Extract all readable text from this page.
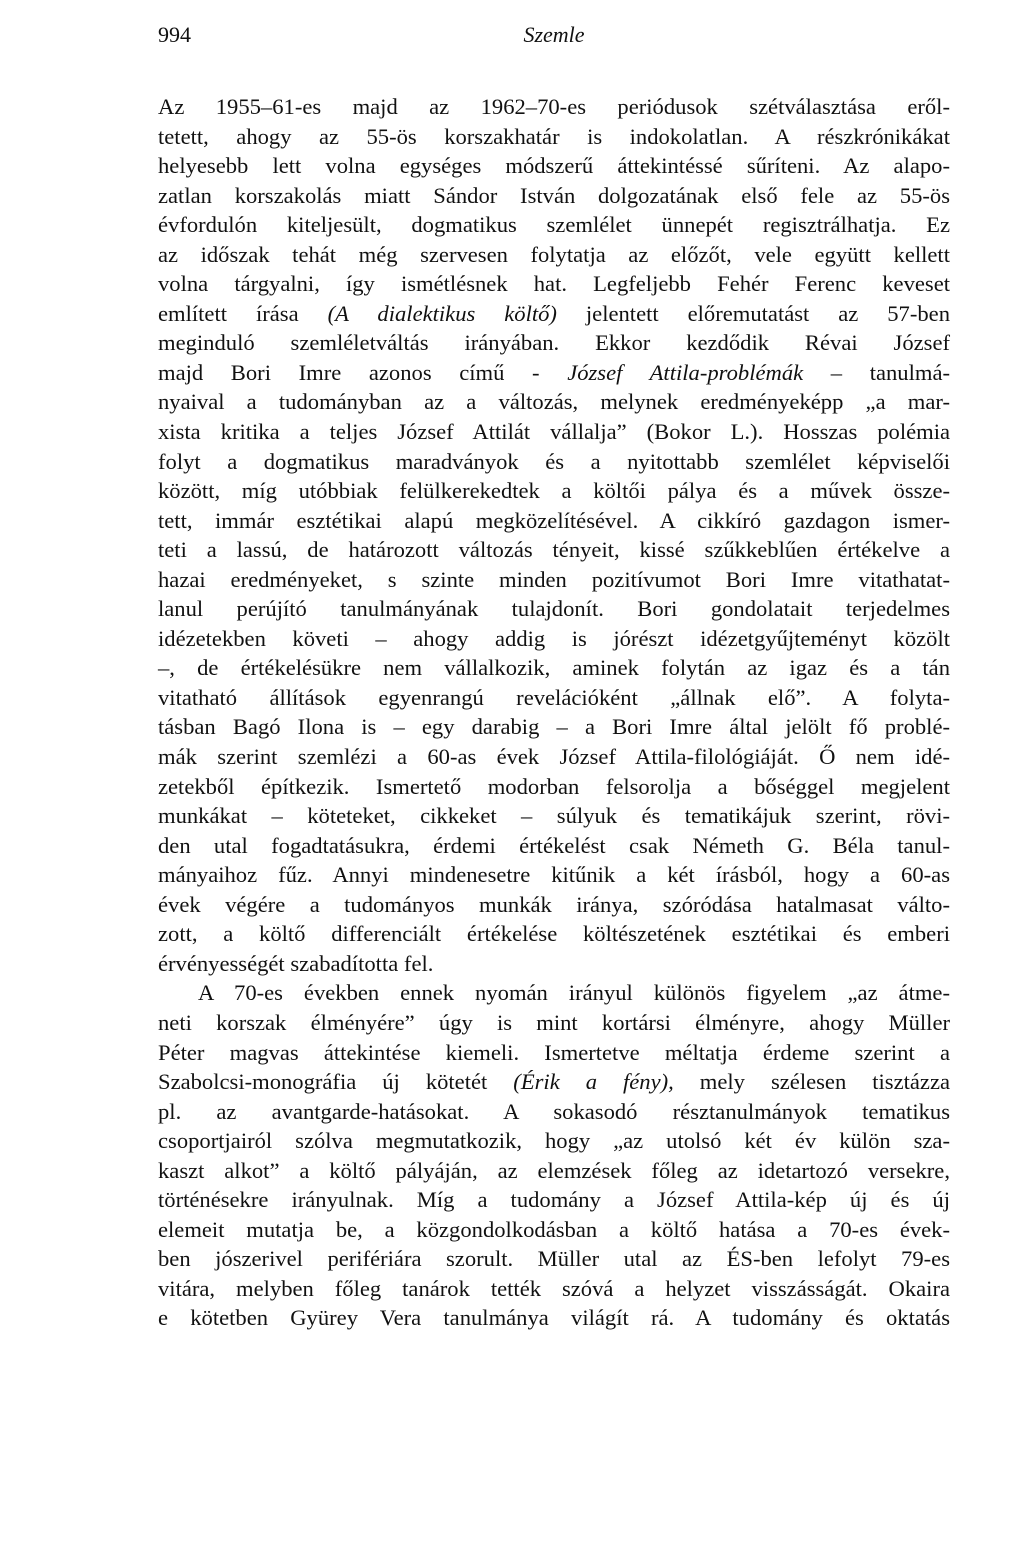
994	Szemle
Az 1955–61-es majd az 1962–70-es periódusok szétválasztása eről-
tetett, ahogy az 55-ös korszakhatár is indokolatlan. A részkrónikákat
helyesebb lett volna egységes módszerű áttekintéssé sűríteni. Az alapo-
zatlan korszakolás miatt Sándor István dolgozatának első fele az 55-ös
évfordulón kiteljesült, dogmatikus szemlélet ünnepét regisztrálhatja. Ez
az időszak tehát még szervesen folytatja az előzőt, vele együtt kellett
volna tárgyalni, így ismétlésnek hat. Legfeljebb Fehér Ferenc keveset
említett írása (A dialektikus költő) jelentett előremutatást az 57-ben
meginduló szemléletváltás irányában. Ekkor kezdődik Révai József
majd Bori Imre azonos című - József Attila-problémák – tanulmá-
nyaival a tudományban az a változás, melynek eredményeképp „a mar-
xista kritika a teljes József Attilát vállalja” (Bokor L.). Hosszas polémia
folyt a dogmatikus maradványok és a nyitottabb szemlélet képviselői
között, míg utóbbiak felülkerekedtek a költői pálya és a művek össze-
tett, immár esztétikai alapú megközelítésével. A cikkíró gazdagon ismer-
teti a lassú, de határozott változás tényeit, kissé szűkkeblűen értékelve a
hazai eredményeket, s szinte minden pozitívumot Bori Imre vitathatat-
lanul perújító tanulmányának tulajdonít. Bori gondolatait terjedelmes
idézetekben követi – ahogy addig is jórészt idézetgyűjteményt közölt
–, de értékelésükre nem vállalkozik, aminek folytán az igaz és a tán
vitatható állítások egyenrangú revelációként „állnak elő”. A folyta-
tásban Bagó Ilona is – egy darabig – a Bori Imre által jelölt fő problé-
mák szerint szemlézi a 60-as évek József Attila-filológiáját. Ő nem idé-
zetekből építkezik. Ismertető modorban felsorolja a bőséggel megjelent
munkákat – köteteket, cikkeket – súlyuk és tematikájuk szerint, rövi-
den utal fogadtatásukra, érdemi értékelést csak Németh G. Béla tanul-
mányaihoz fűz. Annyi mindenesetre kitűnik a két írásból, hogy a 60-as
évek végére a tudományos munkák iránya, szóródása hatalmasat válto-
zott, a költő differenciált értékelése költészetének esztétikai és emberi
érvényességét szabadította fel.
A 70-es években ennek nyomán irányul különös figyelem „az átme-
neti korszak élményére” úgy is mint kortársi élményre, ahogy Müller
Péter magvas áttekintése kiemeli. Ismertetve méltatja érdeme szerint a
Szabolcsi-monográfia új kötetét (Érik a fény), mely szélesen tisztázza
pl. az avantgarde-hatásokat. A sokasodó résztanulmányok tematikus
csoportjairól szólva megmutatkozik, hogy „az utolsó két év külön sza-
kaszt alkot” a költő pályáján, az elemzések főleg az idetartozó versekre,
történésekre irányulnak. Míg a tudomány a József Attila-kép új és új
elemeit mutatja be, a közgondolkodásban a költő hatása a 70-es évek-
ben jószerivel perifériára szorult. Müller utal az ÉS-ben lefolyt 79-es
vitára, melyben főleg tanárok tették szóvá a helyzet visszásságát. Okaira
e kötetben Gyürey Vera tanulmánya világít rá. A tudomány és oktatás
